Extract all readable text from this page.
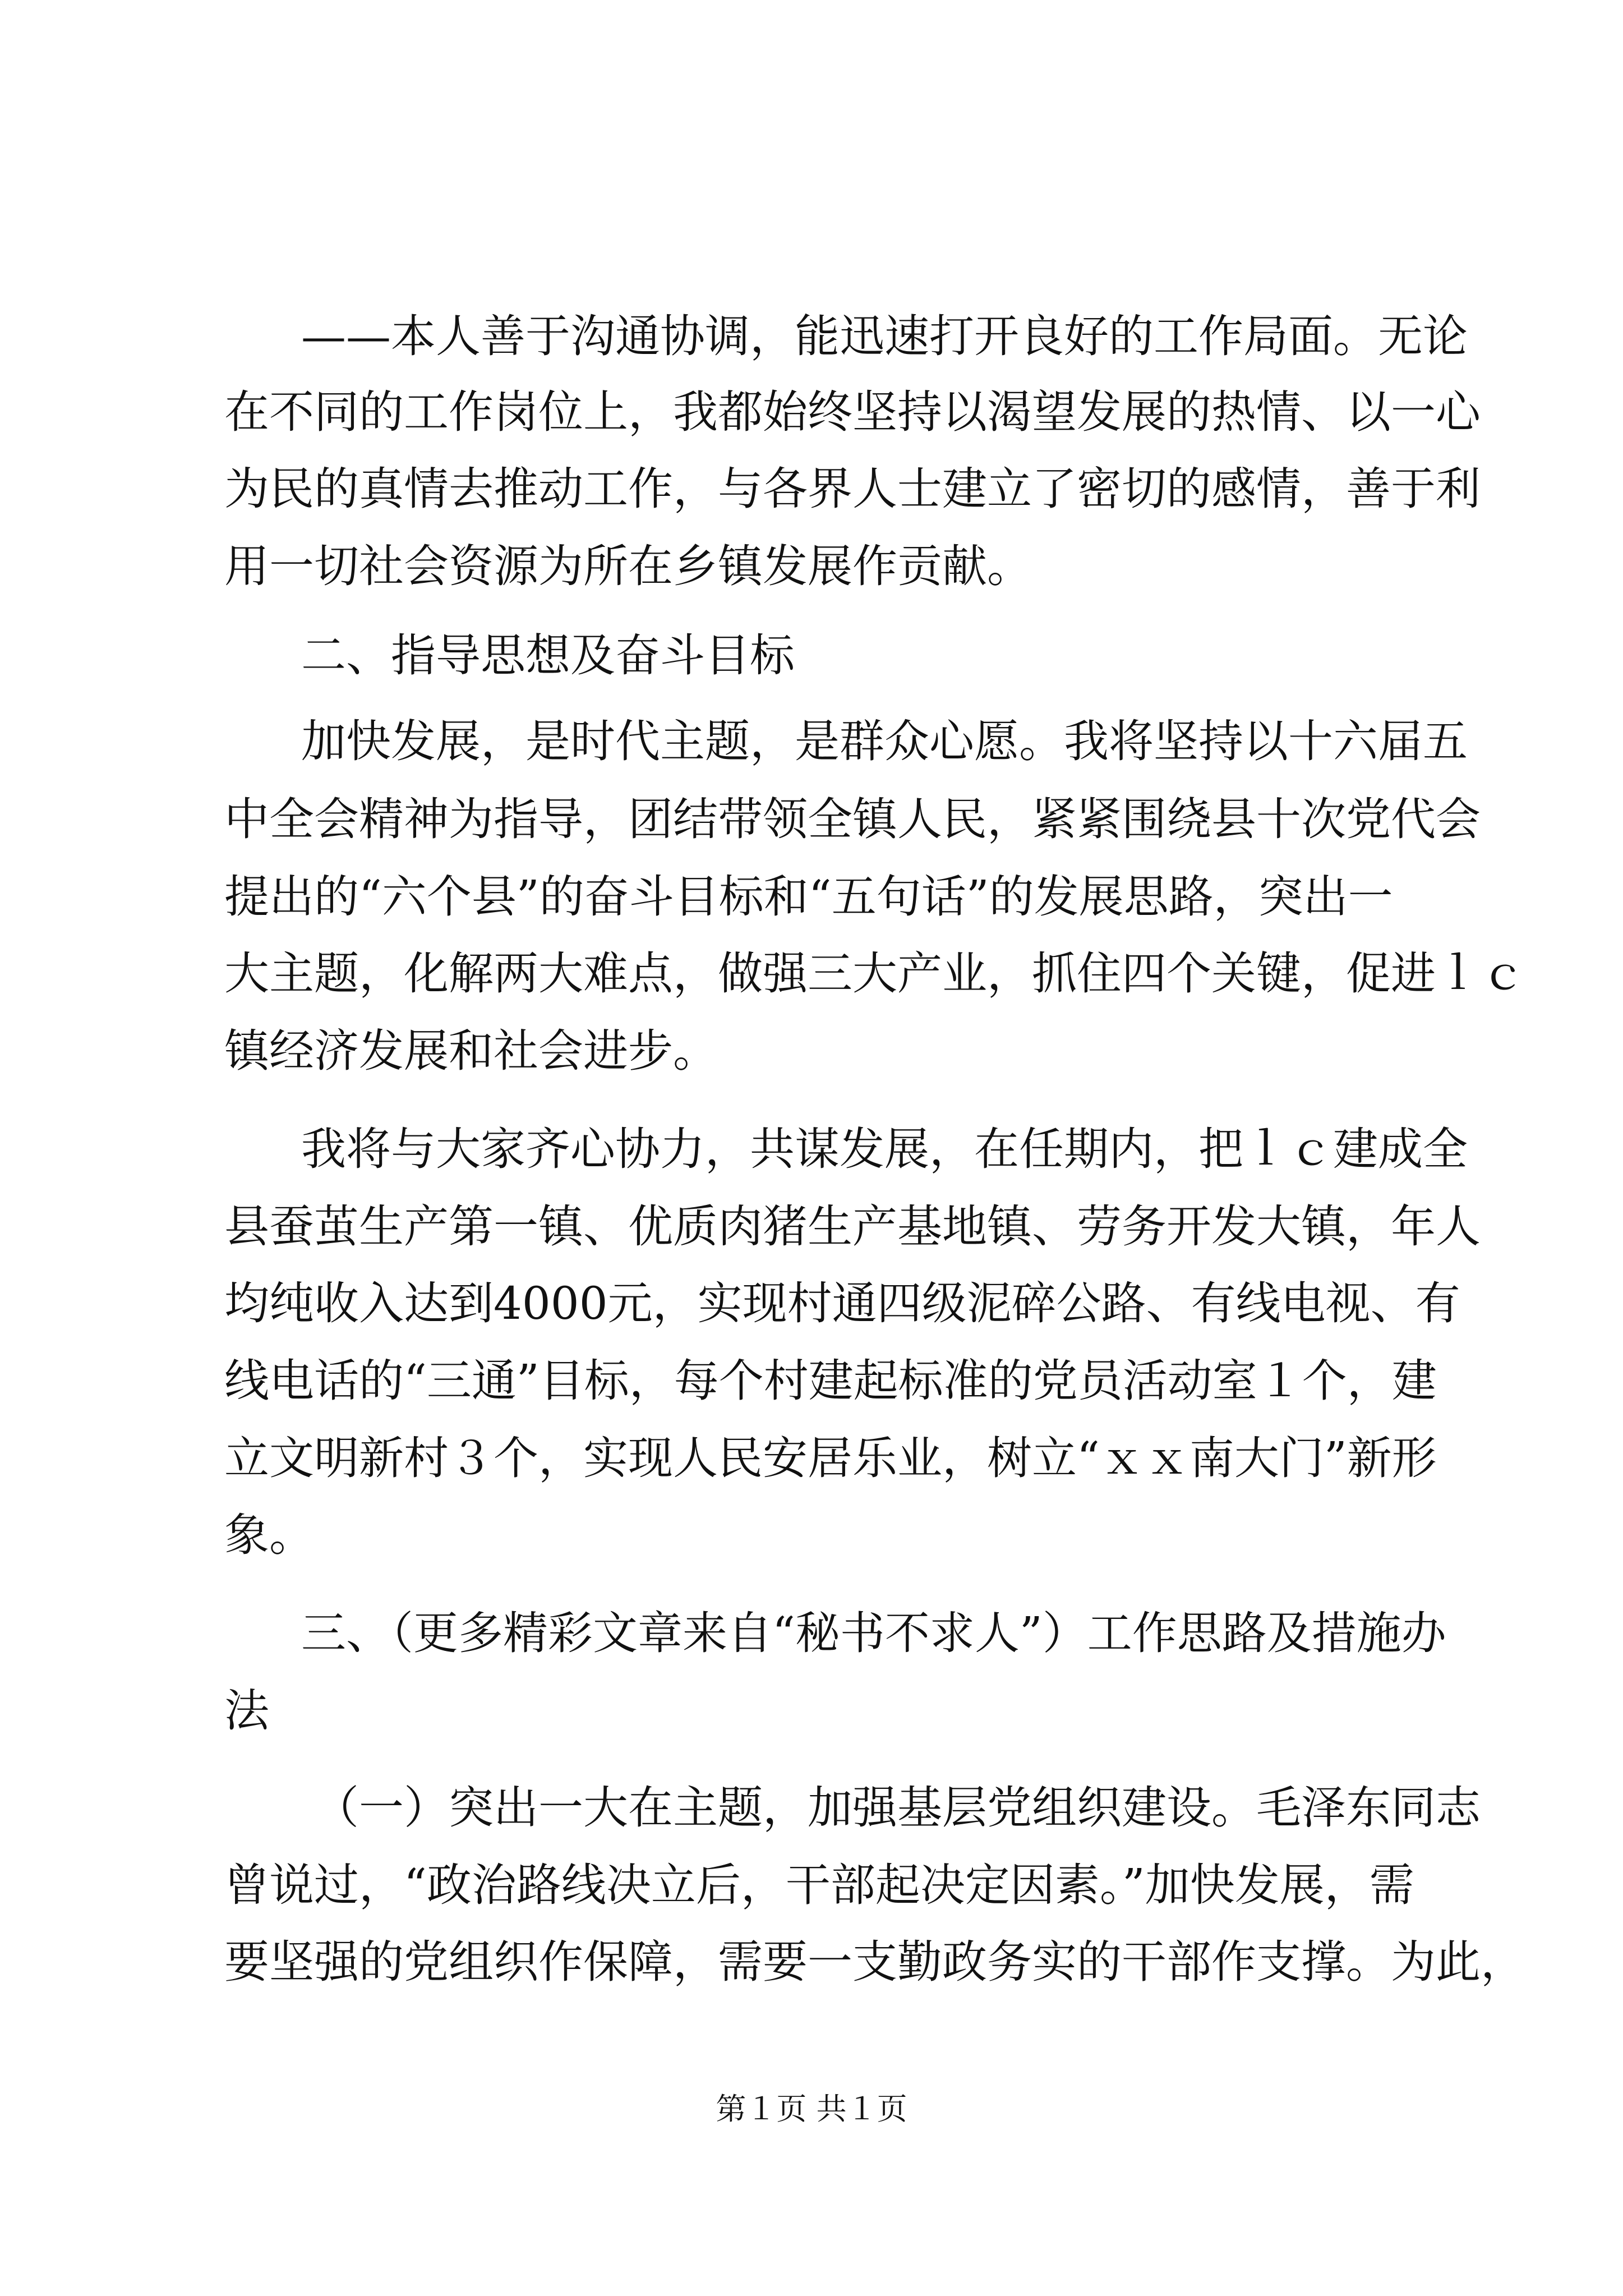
——本人善于沟通协调，能迅速打开良好的工作局面。无论
在不同的工作岗位上，我都始终坚持以渴望发展的热情、以一心
为民的真情去推动工作，与各界人士建立了密切的感情，善于利
用一切社会资源为所在乡镇发展作贡献。
二、指导思想及奋斗目标
加快发展，是时代主题，是群众心愿。我将坚持以十六届五
中全会精神为指导，团结带领全镇人民，紧紧围绕县十次党代会
提出的“六个县”的奋斗目标和“五句话”的发展思路，突出一
大主题，化解两大难点，做强三大产业，抓住四个关键，促进ｌｃ
镇经济发展和社会进步。
我将与大家齐心协力，共谋发展，在任期内，把ｌｃ建成全
县蚕茧生产第一镇、优质肉猪生产基地镇、劳务开发大镇，年人
均纯收入达到4000元，实现村通四级泥碎公路、有线电视、有
线电话的“三通”目标，每个村建起标准的党员活动室１个，建
立文明新村３个，实现人民安居乐业，树立“ｘｘ南大门”新形
象。
三、（更多精彩文章来自“秘书不求人”）工作思路及措施办
法
（一）突出一大在主题，加强基层党组织建设。毛泽东同志
曾说过，“政治路线决立后，干部起决定因素。”加快发展，需
要坚强的党组织作保障，需要一支勤政务实的干部作支撑。为此，
第１页 共１页
